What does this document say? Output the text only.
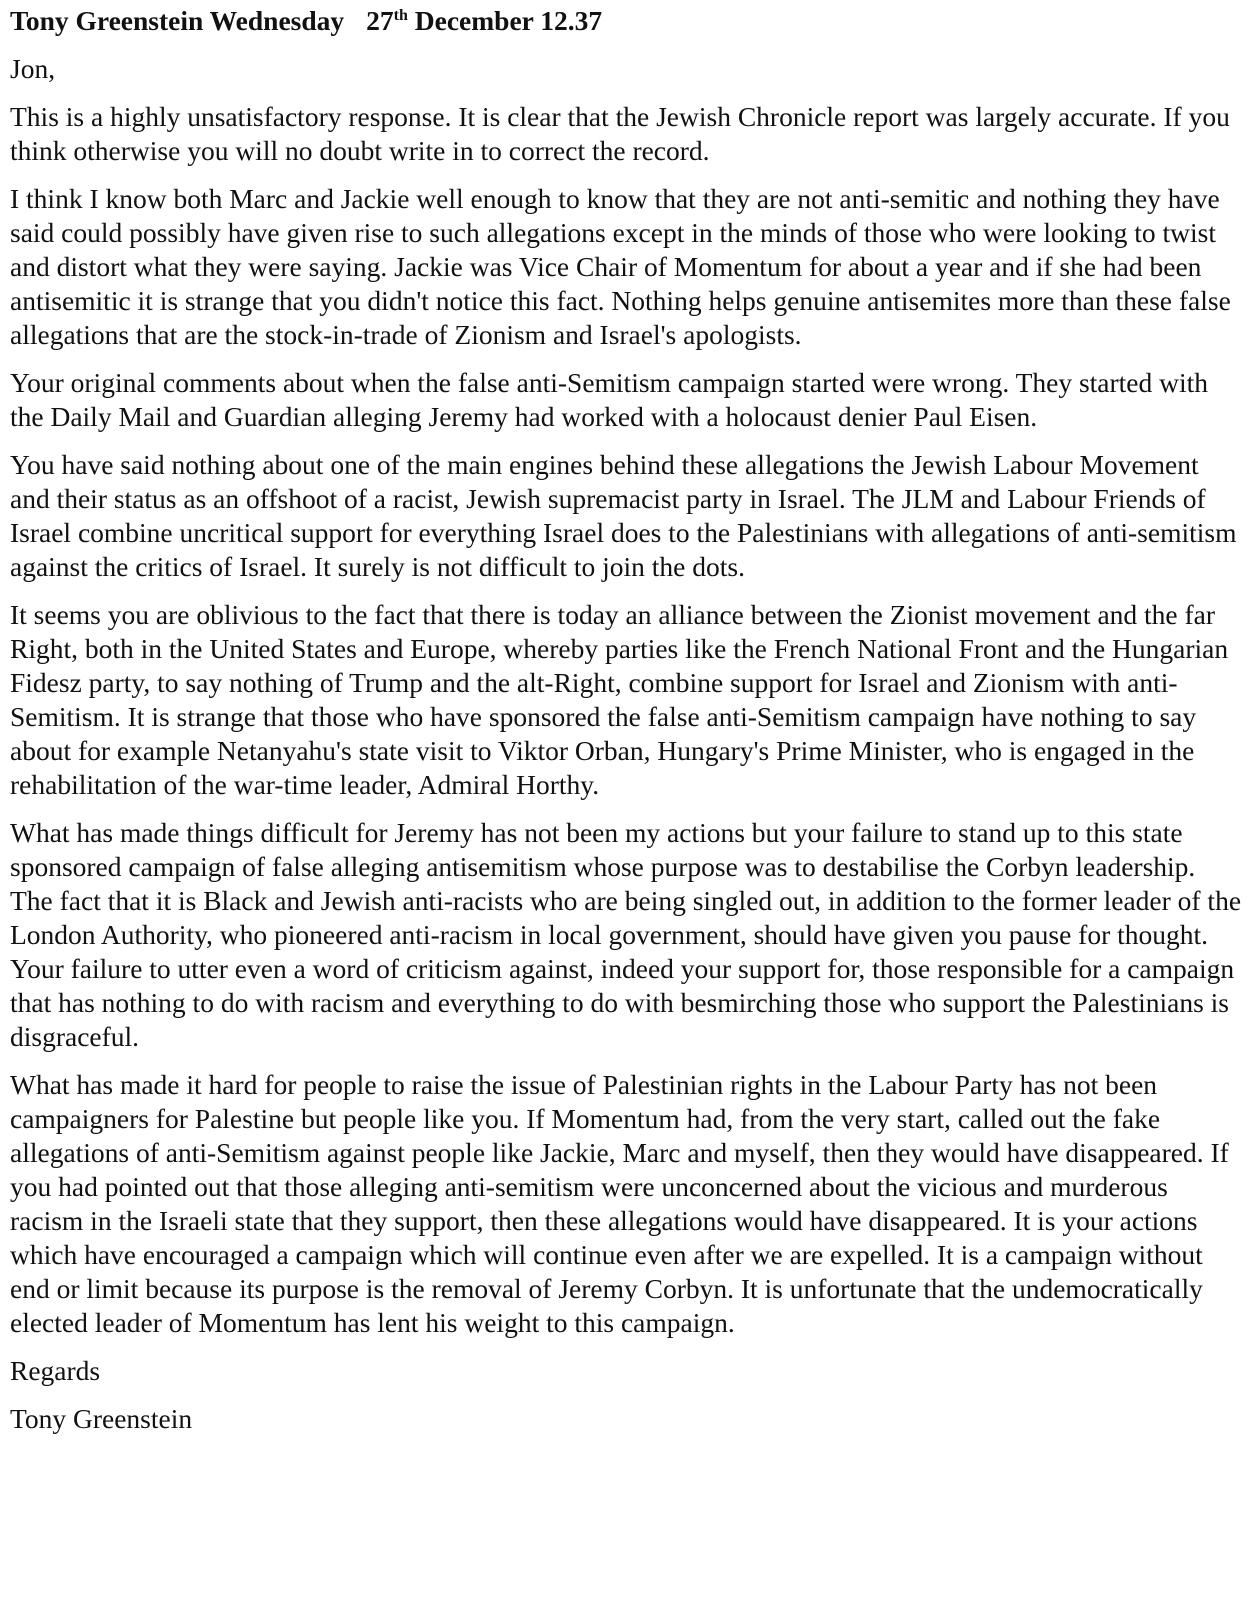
Tony Greenstein Wednesday 27th December 12.37
Jon,
This is a highly unsatisfactory response. It is clear that the Jewish Chronicle report was largely accurate. If you think otherwise you will no doubt write in to correct the record.
I think I know both Marc and Jackie well enough to know that they are not anti-semitic and nothing they have said could possibly have given rise to such allegations except in the minds of those who were looking to twist and distort what they were saying. Jackie was Vice Chair of Momentum for about a year and if she had been antisemitic it is strange that you didn't notice this fact. Nothing helps genuine antisemites more than these false allegations that are the stock-in-trade of Zionism and Israel's apologists.
Your original comments about when the false anti-Semitism campaign started were wrong. They started with the Daily Mail and Guardian alleging Jeremy had worked with a holocaust denier Paul Eisen.
You have said nothing about one of the main engines behind these allegations the Jewish Labour Movement and their status as an offshoot of a racist, Jewish supremacist party in Israel. The JLM and Labour Friends of Israel combine uncritical support for everything Israel does to the Palestinians with allegations of anti-semitism against the critics of Israel. It surely is not difficult to join the dots.
It seems you are oblivious to the fact that there is today an alliance between the Zionist movement and the far Right, both in the United States and Europe, whereby parties like the French National Front and the Hungarian Fidesz party, to say nothing of Trump and the alt-Right, combine support for Israel and Zionism with anti-Semitism. It is strange that those who have sponsored the false anti-Semitism campaign have nothing to say about for example Netanyahu's state visit to Viktor Orban, Hungary's Prime Minister, who is engaged in the rehabilitation of the war-time leader, Admiral Horthy.
What has made things difficult for Jeremy has not been my actions but your failure to stand up to this state sponsored campaign of false alleging antisemitism whose purpose was to destabilise the Corbyn leadership. The fact that it is Black and Jewish anti-racists who are being singled out, in addition to the former leader of the London Authority, who pioneered anti-racism in local government, should have given you pause for thought. Your failure to utter even a word of criticism against, indeed your support for, those responsible for a campaign that has nothing to do with racism and everything to do with besmirching those who support the Palestinians is disgraceful.
What has made it hard for people to raise the issue of Palestinian rights in the Labour Party has not been campaigners for Palestine but people like you. If Momentum had, from the very start, called out the fake allegations of anti-Semitism against people like Jackie, Marc and myself, then they would have disappeared. If you had pointed out that those alleging anti-semitism were unconcerned about the vicious and murderous racism in the Israeli state that they support, then these allegations would have disappeared. It is your actions which have encouraged a campaign which will continue even after we are expelled. It is a campaign without end or limit because its purpose is the removal of Jeremy Corbyn. It is unfortunate that the undemocratically elected leader of Momentum has lent his weight to this campaign.
Regards
Tony Greenstein
